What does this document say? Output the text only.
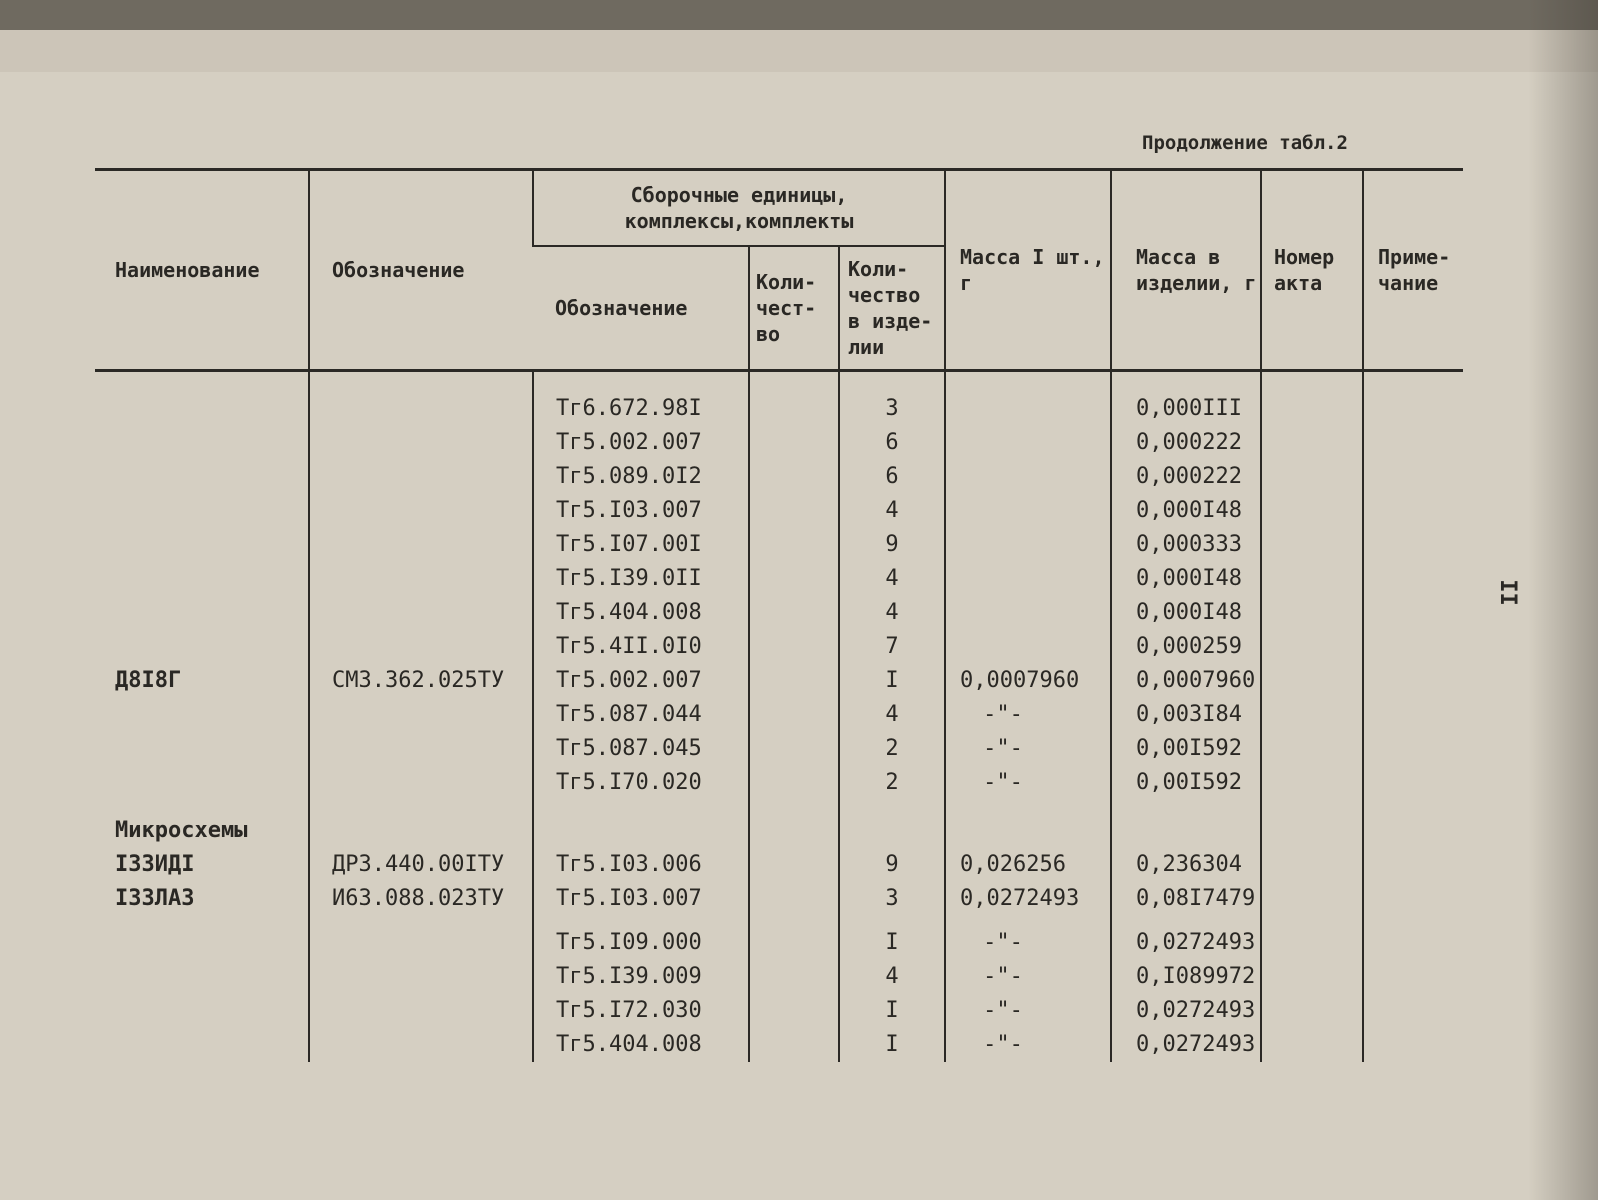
Продолжение табл.2
Наименование	Обозначение	Сборочные единицы, комплексы,комплекты			Масса I шт., г	Масса в изделии, г	Номер акта	Приме-чание
		Обозначение	Коли-чест-во	Коли-чество в изде-лии				

		Тг6.672.98I		3		0,000III		
		Тг5.002.007		6		0,000222		
		Тг5.089.0I2		6		0,000222		
		Тг5.I03.007		4		0,000I48		
		Тг5.I07.00I		9		0,000333		
		Тг5.I39.0II		4		0,000I48		
		Тг5.404.008		4		0,000I48		
		Тг5.4II.0I0		7		0,000259		
Д8I8Г	СМ3.362.025ТУ	Тг5.002.007		I	0,0007960	0,0007960		
		Тг5.087.044		4	-"-	0,003I84		
		Тг5.087.045		2	-"-	0,00I592		
		Тг5.I70.020		2	-"-	0,00I592		
Микросхемы								
I33ИДI	ДР3.440.00IТУ	Тг5.I03.006		9	0,026256	0,236304		
I33ЛА3	И63.088.023ТУ	Тг5.I03.007		3	0,0272493	0,08I7479		
		Тг5.I09.000		I	-"-	0,0272493		
		Тг5.I39.009		4	-"-	0,I089972		
		Тг5.I72.030		I	-"-	0,0272493		
		Тг5.404.008		I	-"-	0,0272493		
II
